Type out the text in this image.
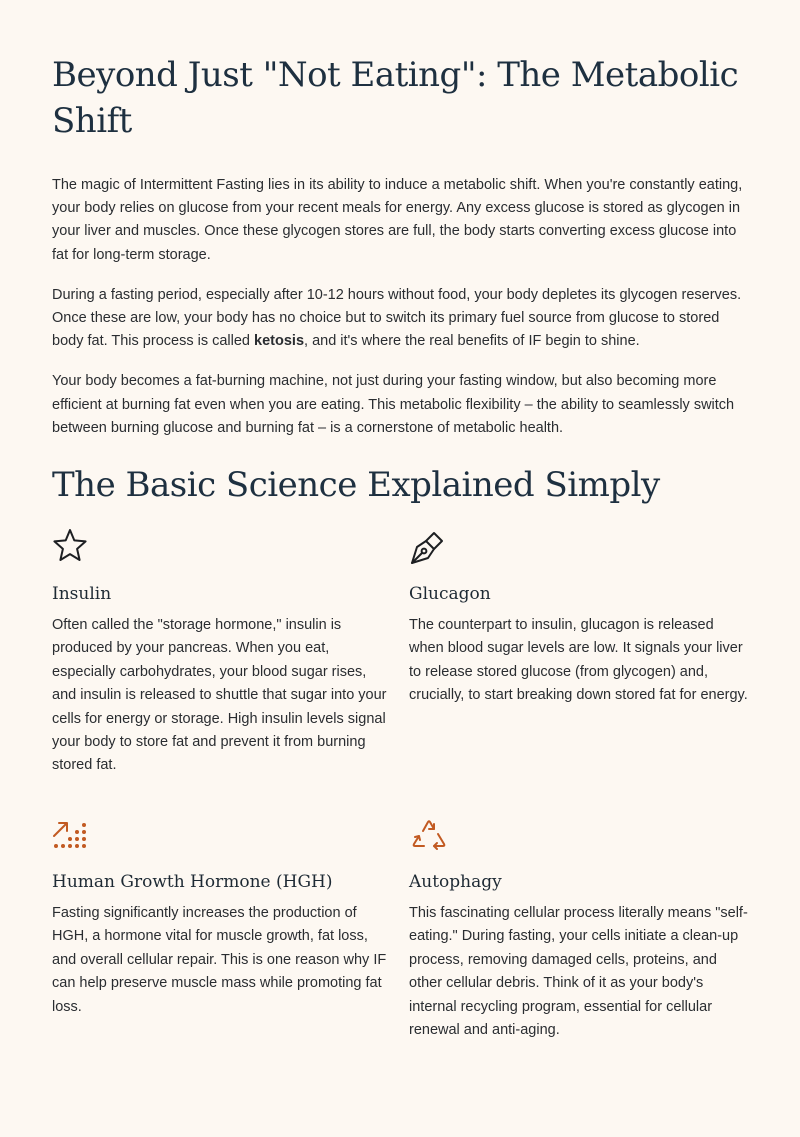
Beyond Just "Not Eating": The Metabolic Shift

The magic of Intermittent Fasting lies in its ability to induce a metabolic shift. When you're constantly eating, your body relies on glucose from your recent meals for energy. Any excess glucose is stored as glycogen in your liver and muscles. Once these glycogen stores are full, the body starts converting excess glucose into fat for long-term storage.

During a fasting period, especially after 10-12 hours without food, your body depletes its glycogen reserves. Once these are low, your body has no choice but to switch its primary fuel source from glucose to stored body fat. This process is called ketosis, and it's where the real benefits of IF begin to shine.

Your body becomes a fat-burning machine, not just during your fasting window, but also becoming more efficient at burning fat even when you are eating. This metabolic flexibility – the ability to seamlessly switch between burning glucose and burning fat – is a cornerstone of metabolic health.

The Basic Science Explained Simply
Insulin

Often called the "storage hormone," insulin is produced by your pancreas. When you eat, especially carbohydrates, your blood sugar rises, and insulin is released to shuttle that sugar into your cells for energy or storage. High insulin levels signal your body to store fat and prevent it from burning stored fat.

Glucagon

The counterpart to insulin, glucagon is released when blood sugar levels are low. It signals your liver to release stored glucose (from glycogen) and, crucially, to start breaking down stored fat for energy.

Human Growth Hormone (HGH)

Fasting significantly increases the production of HGH, a hormone vital for muscle growth, fat loss, and overall cellular repair. This is one reason why IF can help preserve muscle mass while promoting fat loss.

Autophagy

This fascinating cellular process literally means "self-eating." During fasting, your cells initiate a clean-up process, removing damaged cells, proteins, and other cellular debris. Think of it as your body's internal recycling program, essential for cellular renewal and anti-aging.
